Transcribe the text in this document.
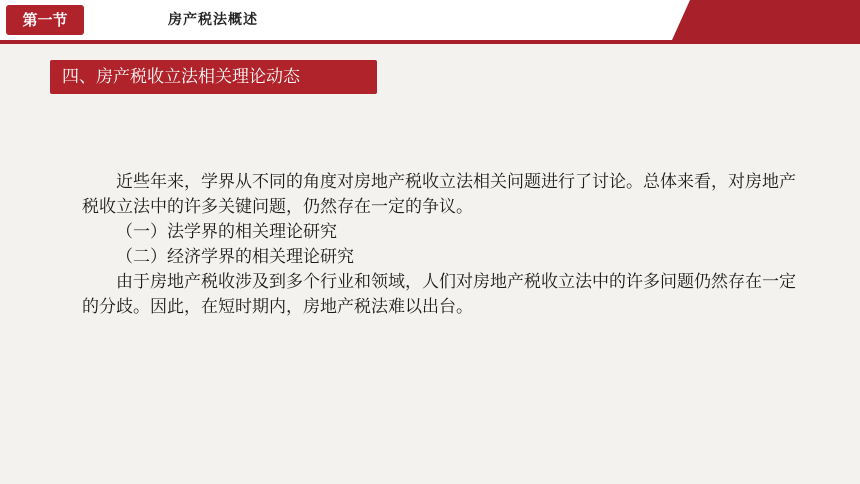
第一节	房产税法概述
四、房产税收立法相关理论动态

近些年来，学界从不同的角度对房地产税收立法相关问题进行了讨论。总体来看，对房地产税收立法中的许多关键问题，仍然存在一定的争议。

（一）法学界的相关理论研究

（二）经济学界的相关理论研究

由于房地产税收涉及到多个行业和领域，人们对房地产税收立法中的许多问题仍然存在一定的分歧。因此，在短时期内，房地产税法难以出台。
